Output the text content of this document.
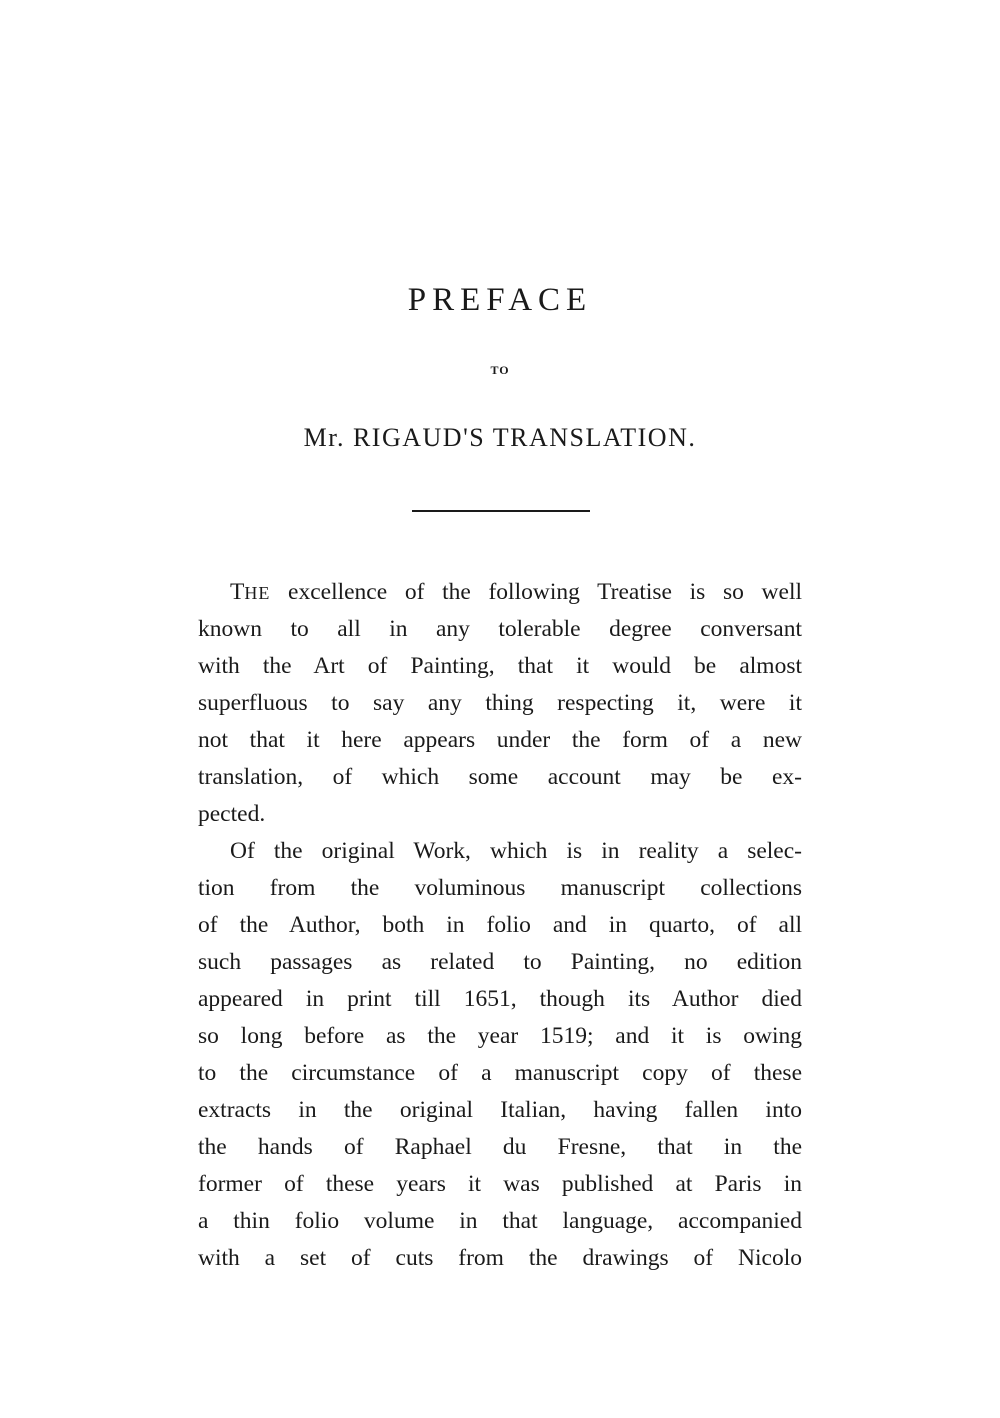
PREFACE
TO
Mr. RIGAUD'S TRANSLATION.
THE excellence of the following Treatise is so well
known to all in any tolerable degree conversant
with the Art of Painting, that it would be almost
superfluous to say any thing respecting it, were it
not that it here appears under the form of a new
translation, of which some account may be ex-
pected.
Of the original Work, which is in reality a selec-
tion from the voluminous manuscript collections
of the Author, both in folio and in quarto, of all
such passages as related to Painting, no edition
appeared in print till 1651, though its Author died
so long before as the year 1519; and it is owing
to the circumstance of a manuscript copy of these
extracts in the original Italian, having fallen into
the hands of Raphael du Fresne, that in the
former of these years it was published at Paris in
a thin folio volume in that language, accompanied
with a set of cuts from the drawings of Nicolo
